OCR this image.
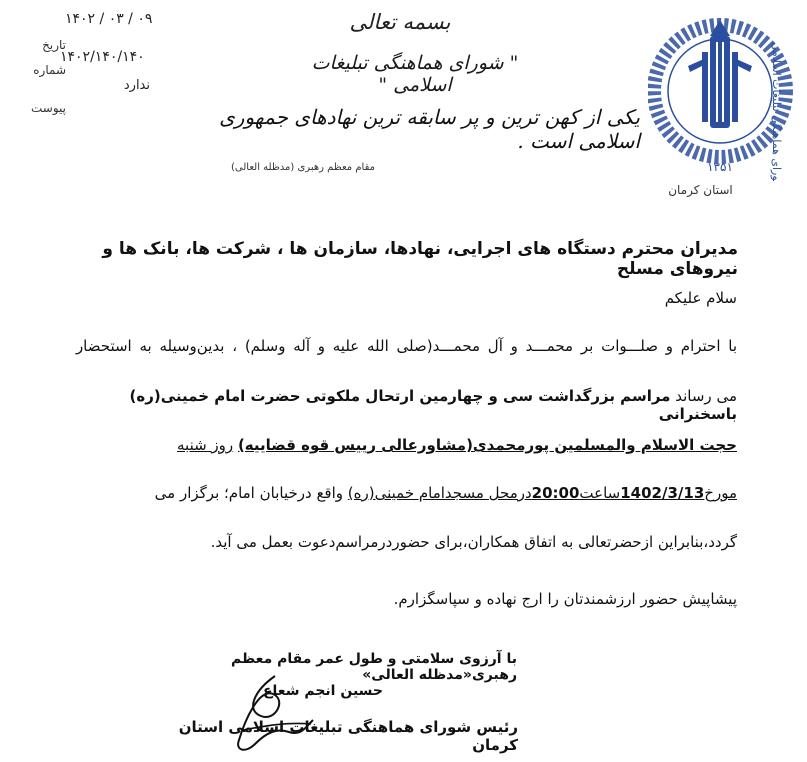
شورای هماهنگی تبلیغات اسلامی
۱۳۵۱
استان کرمان
بسمه تعالی
" شورای هماهنگی تبلیغات اسلامی "
یکی از کهن ترین و پر سابقه ترین نهادهای جمهوری اسلامی است .
مقام معظم رهبری (مدظله العالی)
۱۴۰۲ / ۰۳ / ۰۹
تاریخ
۱۴۰۲/۱۴۰/۱۴۰
شماره
ندارد
پیوست
مدیران محترم دستگاه های اجرایی، نهادها، سازمان ها ، شرکت ها، بانک ها و نیروهای مسلح
سلام علیکم
با احترام و صلـــوات بر محمـــد و آل محمـــد(صلی الله علیه و آله وسلم) ، بدین‌وسیله به استحضار
می رساند مراسم بزرگداشت سی و چهارمین ارتحال ملکوتی حضرت امام خمینی(ره) باسخنرانی
حجت الاسلام والمسلمین پورمحمدی(مشاورعالی رییس قوه قضاییه) روز شنبه
مورخ1402/3/13ساعت20:00درمحل مسجدامام خمینی(ره) واقع درخیابان امام؛ برگزار می
گردد،بنابراین ازحضرتعالی به اتفاق همکاران،برای حضوردرمراسم‌دعوت بعمل می آید.
پیشاپیش حضور ارزشمندتان را ارج نهاده و سپاسگزارم.
با آرزوی سلامتی و طول عمر مقام معظم رهبری«مدظله العالی»
حسین انجم شعاع
رئیس شورای هماهنگی تبلیغات اسلامی استان کرمان
